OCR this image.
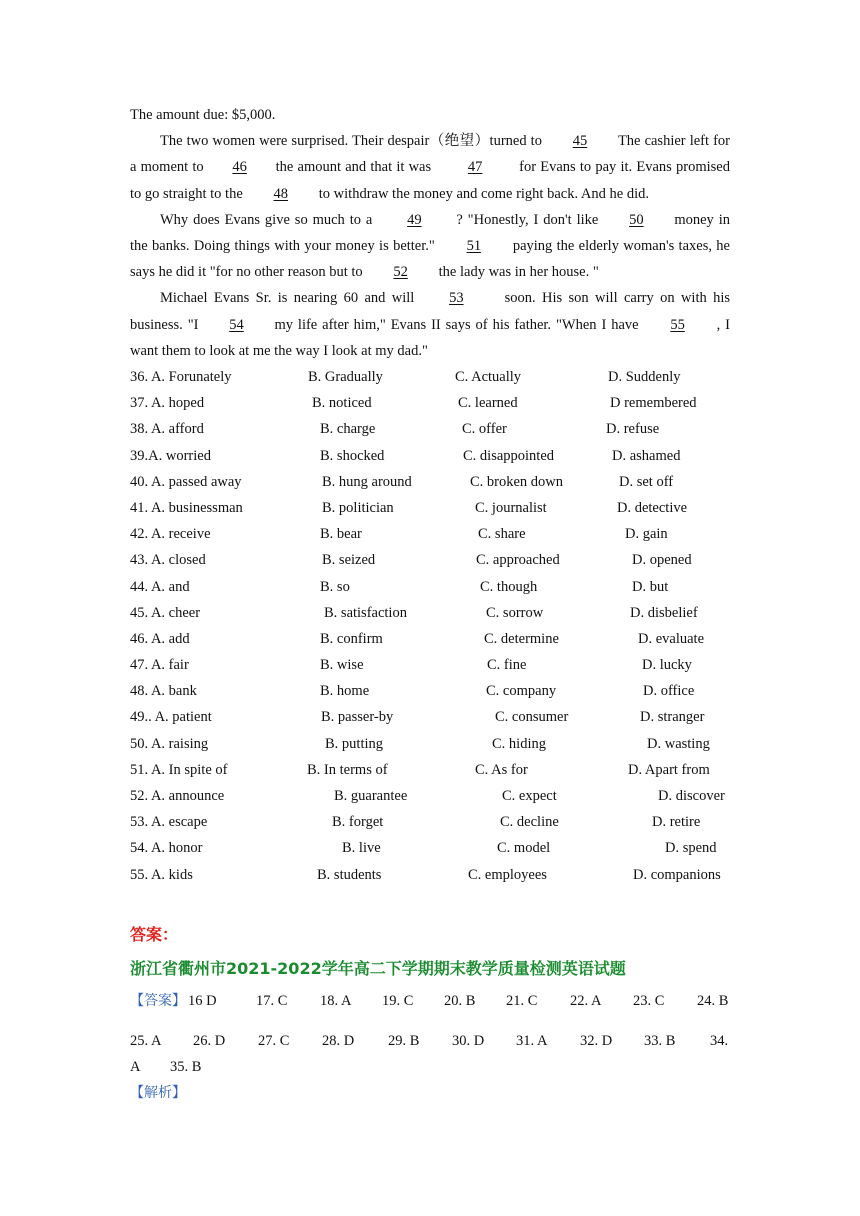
The amount due: $5,000.

The two women were surprised. Their despair（绝望）turned to 45 The cashier left for a moment to 46 the amount and that it was	47	for Evans to pay it. Evans promised to go straight to the 48 to withdraw the money and come right back. And he did.

Why does Evans give so much to a 49 ? "Honestly, I don't like 50 money in the banks. Doing things with your money is better." 51 paying the elderly woman's taxes, he says he did it "for no other reason but to 52 the lady was in her house. "

Michael Evans Sr. is nearing 60 and will 53 soon. His son will carry on with his business. "I 54 my life after him," Evans II says of his father. "When I have 55 , I want them to look at me the way I look at my dad."

36. A. Forunately	B. Gradually	C. Actually	D. Suddenly
37. A. hoped	B. noticed	C. learned	D remembered
38. A. afford	B. charge	C. offer	D. refuse
39.A. worried	B. shocked	C. disappointed	D. ashamed
40. A. passed away	B. hung around	C. broken down	D. set off
41. A. businessman	B. politician	C. journalist	D. detective
42. A. receive	B. bear	C. share	D. gain
43. A. closed	B. seized	C. approached	D. opened
44. A. and	B. so	C. though	D. but
45. A. cheer	B. satisfaction	C. sorrow	D. disbelief
46. A. add	B. confirm	C. determine	D. evaluate
47. A. fair	B. wise	C. fine	D. lucky
48. A. bank	B. home	C. company	D. office
49.. A. patient	B. passer-by	C. consumer	D. stranger
50. A. raising	B. putting	C. hiding	D. wasting
51. A. In spite of	B. In terms of	C. As for	D. Apart from
52. A. announce	B. guarantee	C. expect	D. discover
53. A. escape	B. forget	C. decline	D. retire
54. A. honor	B. live	C. model	D. spend
55. A. kids	B. students	C. employees	D. companions
答案：
浙江省衢州市2021-2022学年高二下学期期末教学质量检测英语试题
【答案】 16 D	17. C 18. A 19. C 20. B 21. C 22. A 23. C 24. B
25. A 26. D 27. C 28. D 29. B 30. D 31. A 32. D 33. B 34.
A 35. B
【解析】
